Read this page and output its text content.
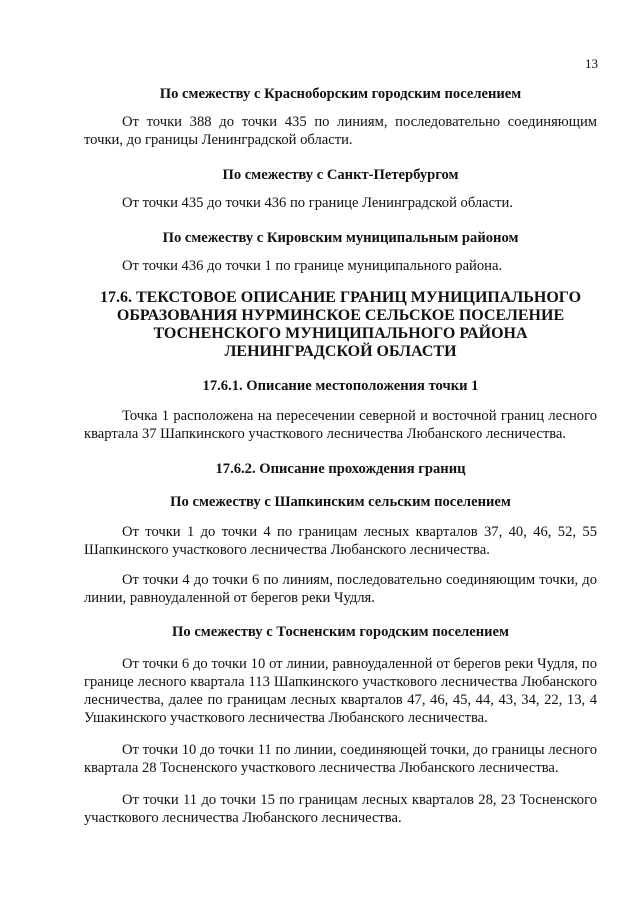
13

По смежеству с Красноборским городским поселением

От точки 388 до точки 435 по линиям, последовательно соединяющим точки, до границы Ленинградской области.

По смежеству с Санкт-Петербургом

От точки 435 до точки 436 по границе Ленинградской области.

По смежеству с Кировским муниципальным районом

От точки 436 до точки 1 по границе муниципального района.

17.6. ТЕКСТОВОЕ ОПИСАНИЕ ГРАНИЦ МУНИЦИПАЛЬНОГО

ОБРАЗОВАНИЯ НУРМИНСКОЕ СЕЛЬСКОЕ ПОСЕЛЕНИЕ

ТОСНЕНСКОГО МУНИЦИПАЛЬНОГО РАЙОНА

ЛЕНИНГРАДСКОЙ ОБЛАСТИ

17.6.1. Описание местоположения точки 1

Точка 1 расположена на пересечении северной и восточной границ лесного квартала 37 Шапкинского участкового лесничества Любанского лесничества.

17.6.2. Описание прохождения границ

По смежеству с Шапкинским сельским поселением

От точки 1 до точки 4 по границам лесных кварталов 37, 40, 46, 52, 55 Шапкинского участкового лесничества Любанского лесничества.

От точки 4 до точки 6 по линиям, последовательно соединяющим точки, до линии, равноудаленной от берегов реки Чудля.

По смежеству с Тосненским городским поселением

От точки 6 до точки 10 от линии, равноудаленной от берегов реки Чудля, по границе лесного квартала 113 Шапкинского участкового лесничества Любанского лесничества, далее по границам лесных кварталов 47, 46, 45, 44, 43, 34, 22, 13, 4 Ушакинского участкового лесничества Любанского лесничества.

От точки 10 до точки 11 по линии, соединяющей точки, до границы лесного квартала 28 Тосненского участкового лесничества Любанского лесничества.

От точки 11 до точки 15 по границам лесных кварталов 28, 23 Тосненского участкового лесничества Любанского лесничества.
